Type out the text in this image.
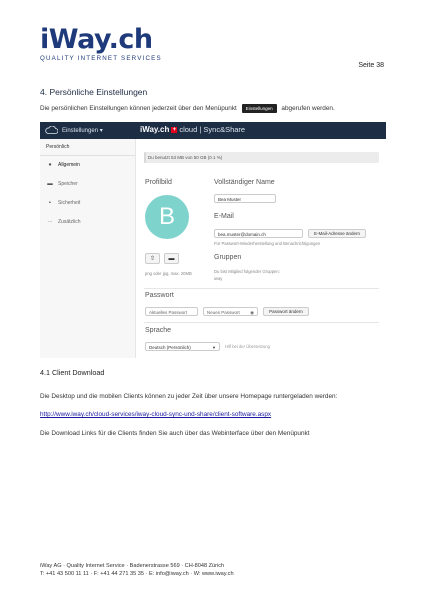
iWay.ch
QUALITY INTERNET SERVICES
Seite 38
4. Persönliche Einstellungen
Die persönlichen Einstellungen können jederzeit über den Menüpunkt Einstellungen abgerufen werden.
Einstellungen ▾	iWay.ch + cloud | Sync&Share
Persönlich
● Allgemein
▬ Speicher
▪ Sicherheit
··· Zusätzlich
Du benutzt 53 MB von 50 GB (0.1 %)
Profilbild
B
⇧	▬
png oder jpg, max. 20MB
Vollständiger Name
Bea Muster
E-Mail
bea.muster@domain.ch	E-Mail-Adresse ändern
Für Passwort-Wiederherstellung und Benachrichtigungen
Gruppen
Du bist Mitglied folgender Gruppen:
iway
Passwort
Aktuelles Passwort	Neues Passwort ◉	Passwort ändern
Sprache
Deutsch (Persönlich)	▼ Hilf bei der Übersetzung
4.1 Client Download
Die Desktop und die mobilen Clients können zu jeder Zeit über unsere Homepage runtergeladen werden:
http://www.iway.ch/cloud-services/iway-cloud-sync-und-share/client-software.aspx
Die Download Links für die Clients finden Sie auch über das Webinterface über den Menüpunkt
iWay AG · Quality Internet Service · Badenerstrasse 569 · CH-8048 Zürich
T: +41 43 500 11 11 · F: +41 44 271 35 35 · E: info@iway.ch · W: www.iway.ch
